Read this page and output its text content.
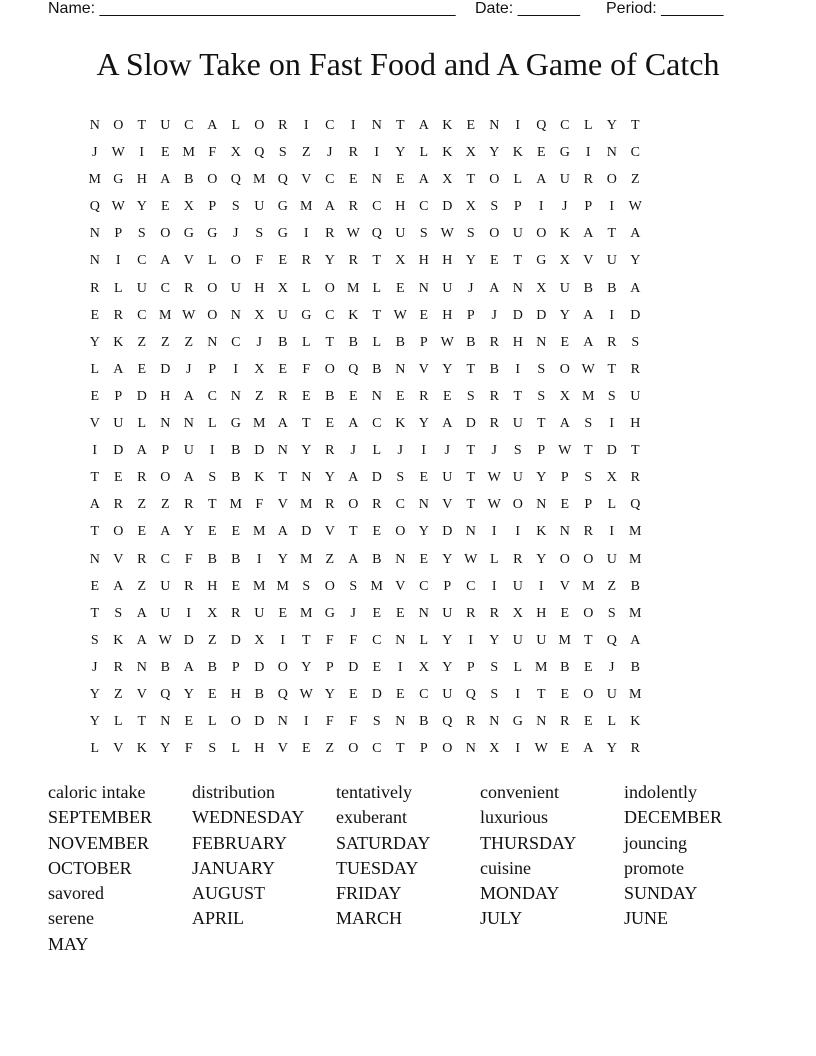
Name: ________________________________________ Date: _______ Period: _______
A Slow Take on Fast Food and A Game of Catch
N O	T	U C A	L	O R	I	C	I	N	T	A K	E	N	I	Q C	L	Y	T
J	W	I	E M F	X Q	S	Z	J	R	I	Y	L	K X Y K	E	G	I	N C
M G H A B O Q M Q V C	E	N	E	A X	T	O	L	A U R O	Z
Q W Y	E	X	P	S	U G M A R	C H C D X	S	P	I	J	P	I	W
N	P	S	O G G	J	S	G	I	R W Q U	S W S	O U O K A	T	A
N	I	C A V	L	O	F	E	R Y R	T	X H H Y	E	T	G X V U Y
R	L	U C	R O U H X	L	O M L	E	N U	J	A N X U B	B A
E	R	C M W O N X U G C K	T W E	H	P	J	D D Y A	I	D
Y K	Z	Z	Z	N C	J	B	L	T	B	L	B	P W B	R H N	E	A R	S
L	A	E	D	J	P	I	X	E	F	O Q B N V Y	T	B	I	S	O W T	R
E	P	D H A C N	Z	R	E	B	E	N	E	R	E	S	R	T	S	X M S	U
V U	L	N N	L	G M A	T	E	A C K Y A D R U	T	A	S	I	H
I	D A	P	U	I	B D N Y R	J	L	J	I	J	T	J	S	P W T	D	T
T	E	R O A	S	B K	T	N Y A D	S	E	U	T W U Y	P	S	X R
A R	Z	Z	R	T M F	V M R O R	C N V	T W O N	E	P	L	Q
T	O	E	A Y	E	E M A D V	T	E	O Y D N	I	I	K N R	I	M
N V R	C	F	B	B	I	Y M Z	A B N	E	Y W L	R Y O O U M
E	A	Z	U R H	E M M S	O	S M V C	P	C	I	U	I	V M Z	B
T	S	A U	I	X R U	E M G	J	E	E	N U R	R X H	E	O	S M
S	K A W D	Z	D X	I	T	F	F	C N	L	Y	I	Y U U M T	Q A
J	R N B A B	P	D O Y	P	D	E	I	X Y	P	S	L M B	E	J	B
Y	Z	V Q Y	E	H B Q W Y	E	D	E	C U Q	S	I	T	E	O U M
Y	L	T	N	E	L	O D N	I	F	F	S	N B Q R N G N R	E	L	K
L	V K Y	F	S	L	H V	E	Z	O C	T	P	O N X	I	W E	A Y R
caloric intake	distribution	tentatively	convenient	indolently
SEPTEMBER	WEDNESDAY	exuberant	luxurious	DECEMBER
NOVEMBER	FEBRUARY	SATURDAY	THURSDAY	jouncing
OCTOBER	JANUARY	TUESDAY	cuisine	promote
savored	AUGUST	FRIDAY	MONDAY	SUNDAY
serene	APRIL	MARCH	JULY	JUNE
MAY
